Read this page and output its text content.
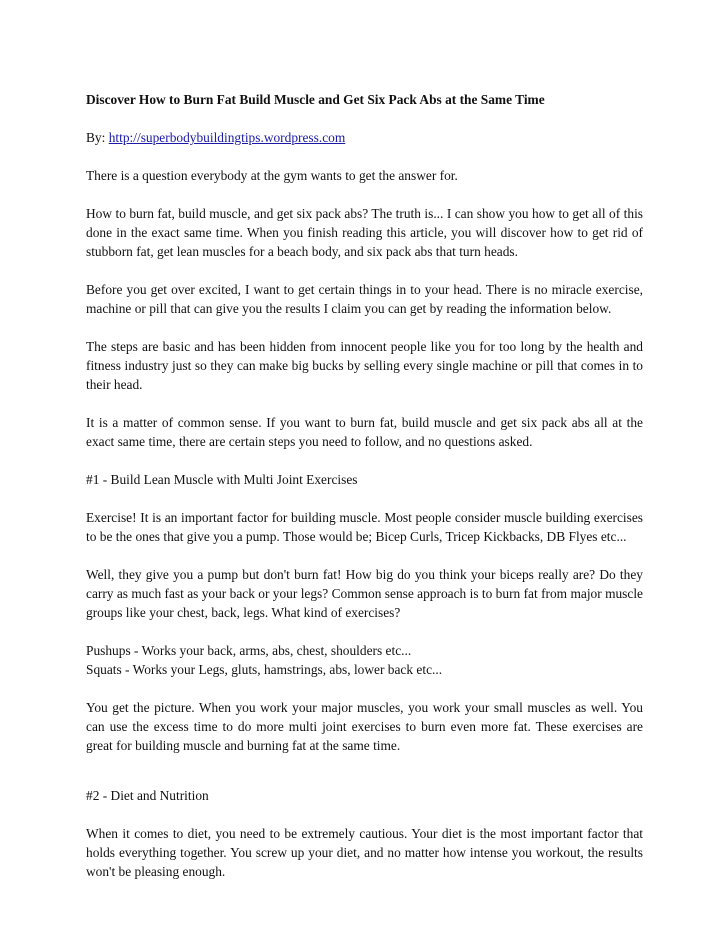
Discover How to Burn Fat Build Muscle and Get Six Pack Abs at the Same Time
By: http://superbodybuildingtips.wordpress.com

There is a question everybody at the gym wants to get the answer for.

How to burn fat, build muscle, and get six pack abs? The truth is... I can show you how to get all of this done in the exact same time. When you finish reading this article, you will discover how to get rid of stubborn fat, get lean muscles for a beach body, and six pack abs that turn heads.

Before you get over excited, I want to get certain things in to your head. There is no miracle exercise, machine or pill that can give you the results I claim you can get by reading the information below.

The steps are basic and has been hidden from innocent people like you for too long by the health and fitness industry just so they can make big bucks by selling every single machine or pill that comes in to their head.

It is a matter of common sense. If you want to burn fat, build muscle and get six pack abs all at the exact same time, there are certain steps you need to follow, and no questions asked.

#1 - Build Lean Muscle with Multi Joint Exercises

Exercise! It is an important factor for building muscle. Most people consider muscle building exercises to be the ones that give you a pump. Those would be; Bicep Curls, Tricep Kickbacks, DB Flyes etc...

Well, they give you a pump but don't burn fat! How big do you think your biceps really are? Do they carry as much fast as your back or your legs? Common sense approach is to burn fat from major muscle groups like your chest, back, legs. What kind of exercises?

Pushups - Works your back, arms, abs, chest, shoulders etc...
Squats - Works your Legs, gluts, hamstrings, abs, lower back etc...

You get the picture. When you work your major muscles, you work your small muscles as well. You can use the excess time to do more multi joint exercises to burn even more fat. These exercises are great for building muscle and burning fat at the same time.

#2 - Diet and Nutrition

When it comes to diet, you need to be extremely cautious. Your diet is the most important factor that holds everything together. You screw up your diet, and no matter how intense you workout, the results won't be pleasing enough.
